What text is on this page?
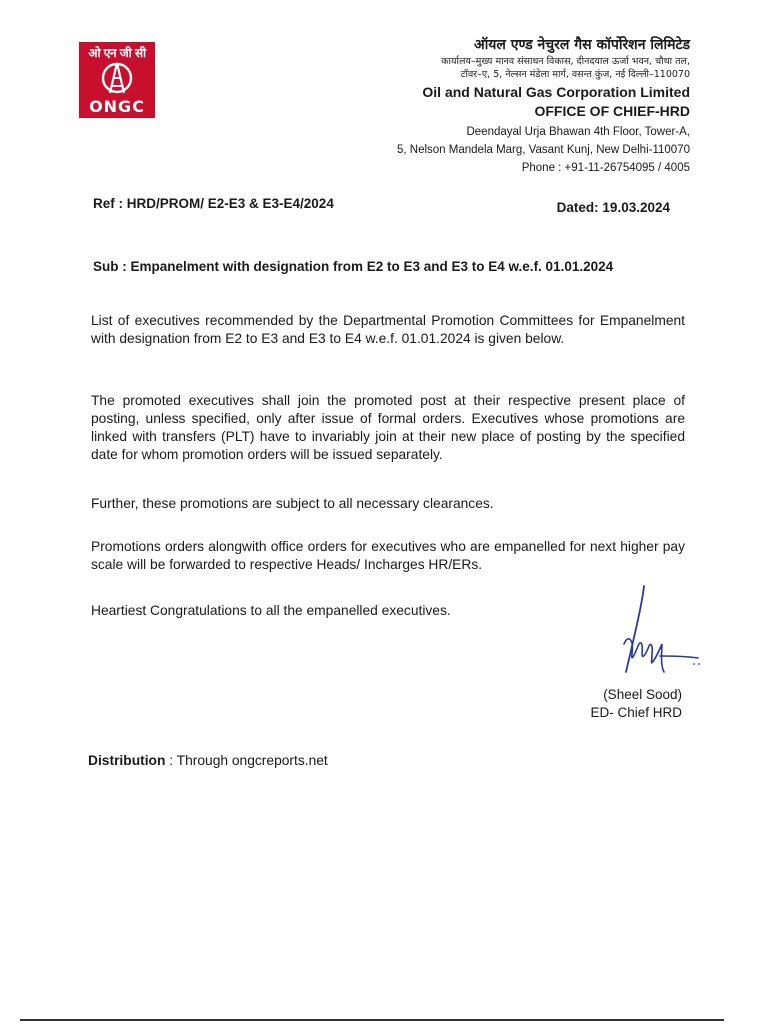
ओ एन जी सी
ONGC
ऑयल एण्ड नेचुरल गैस कॉर्पोरेशन लिमिटेड
कार्यालय–मुख्य मानव संसाधन विकास, दीनदयाल ऊर्जा भवन, चौथा तल,
टॉवर–ए, 5, नेल्सन मंडेला मार्ग, वसन्त कुंज, नई दिल्ली–110070
Oil and Natural Gas Corporation Limited
OFFICE OF CHIEF-HRD
Deendayal Urja Bhawan 4th Floor, Tower-A,
5, Nelson Mandela Marg, Vasant Kunj, New Delhi-110070
Phone : +91-11-26754095 / 4005
Ref : HRD/PROM/ E2-E3 & E3-E4/2024	Dated: 19.03.2024
Sub : Empanelment with designation from E2 to E3 and E3 to E4 w.e.f. 01.01.2024
List of executives recommended by the Departmental Promotion Committees for Empanelment with designation from E2 to E3 and E3 to E4 w.e.f. 01.01.2024 is given below.
The promoted executives shall join the promoted post at their respective present place of posting, unless specified, only after issue of formal orders. Executives whose promotions are linked with transfers (PLT) have to invariably join at their new place of posting by the specified date for whom promotion orders will be issued separately.
Further, these promotions are subject to all necessary clearances.
Promotions orders alongwith office orders for executives who are empanelled for next higher pay scale will be forwarded to respective Heads/ Incharges HR/ERs.
Heartiest Congratulations to all the empanelled executives.
(Sheel Sood)
ED- Chief HRD
Distribution : Through ongcreports.net
